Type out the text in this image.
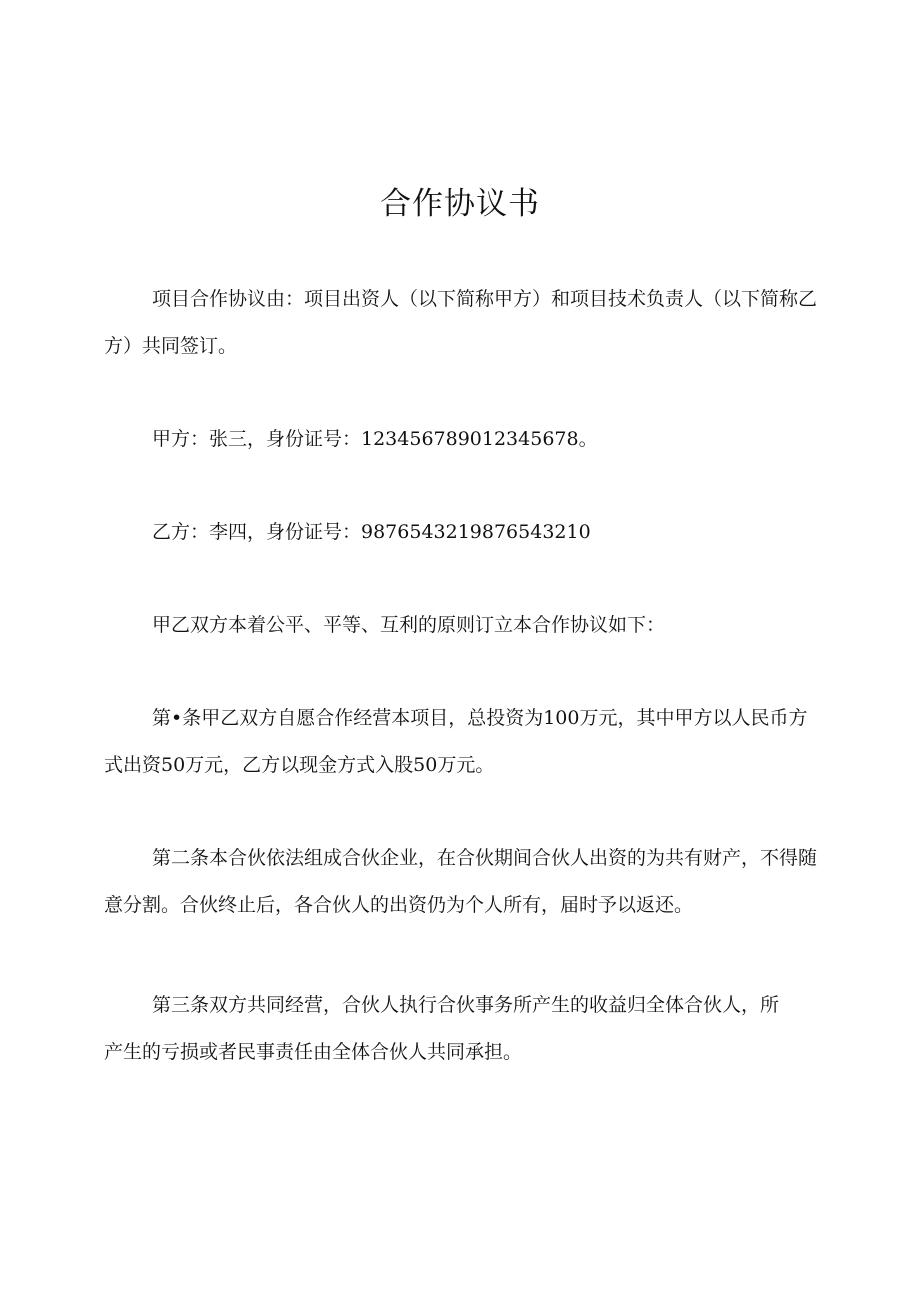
合作协议书

项目合作协议由：项目出资人（以下简称甲方）和项目技术负责人（以下简称乙方）共同签订。

甲方：张三，身份证号：123456789012345678。

乙方：李四，身份证号：9876543219876543210

甲乙双方本着公平、平等、互利的原则订立本合作协议如下：

第•条甲乙双方自愿合作经营本项目，总投资为100万元，其中甲方以人民币方式出资50万元，乙方以现金方式入股50万元。

第二条本合伙依法组成合伙企业，在合伙期间合伙人出资的为共有财产，不得随意分割。合伙终止后，各合伙人的出资仍为个人所有，届时予以返还。

第三条双方共同经营，合伙人执行合伙事务所产生的收益归全体合伙人，所产生的亏损或者民事责任由全体合伙人共同承担。
